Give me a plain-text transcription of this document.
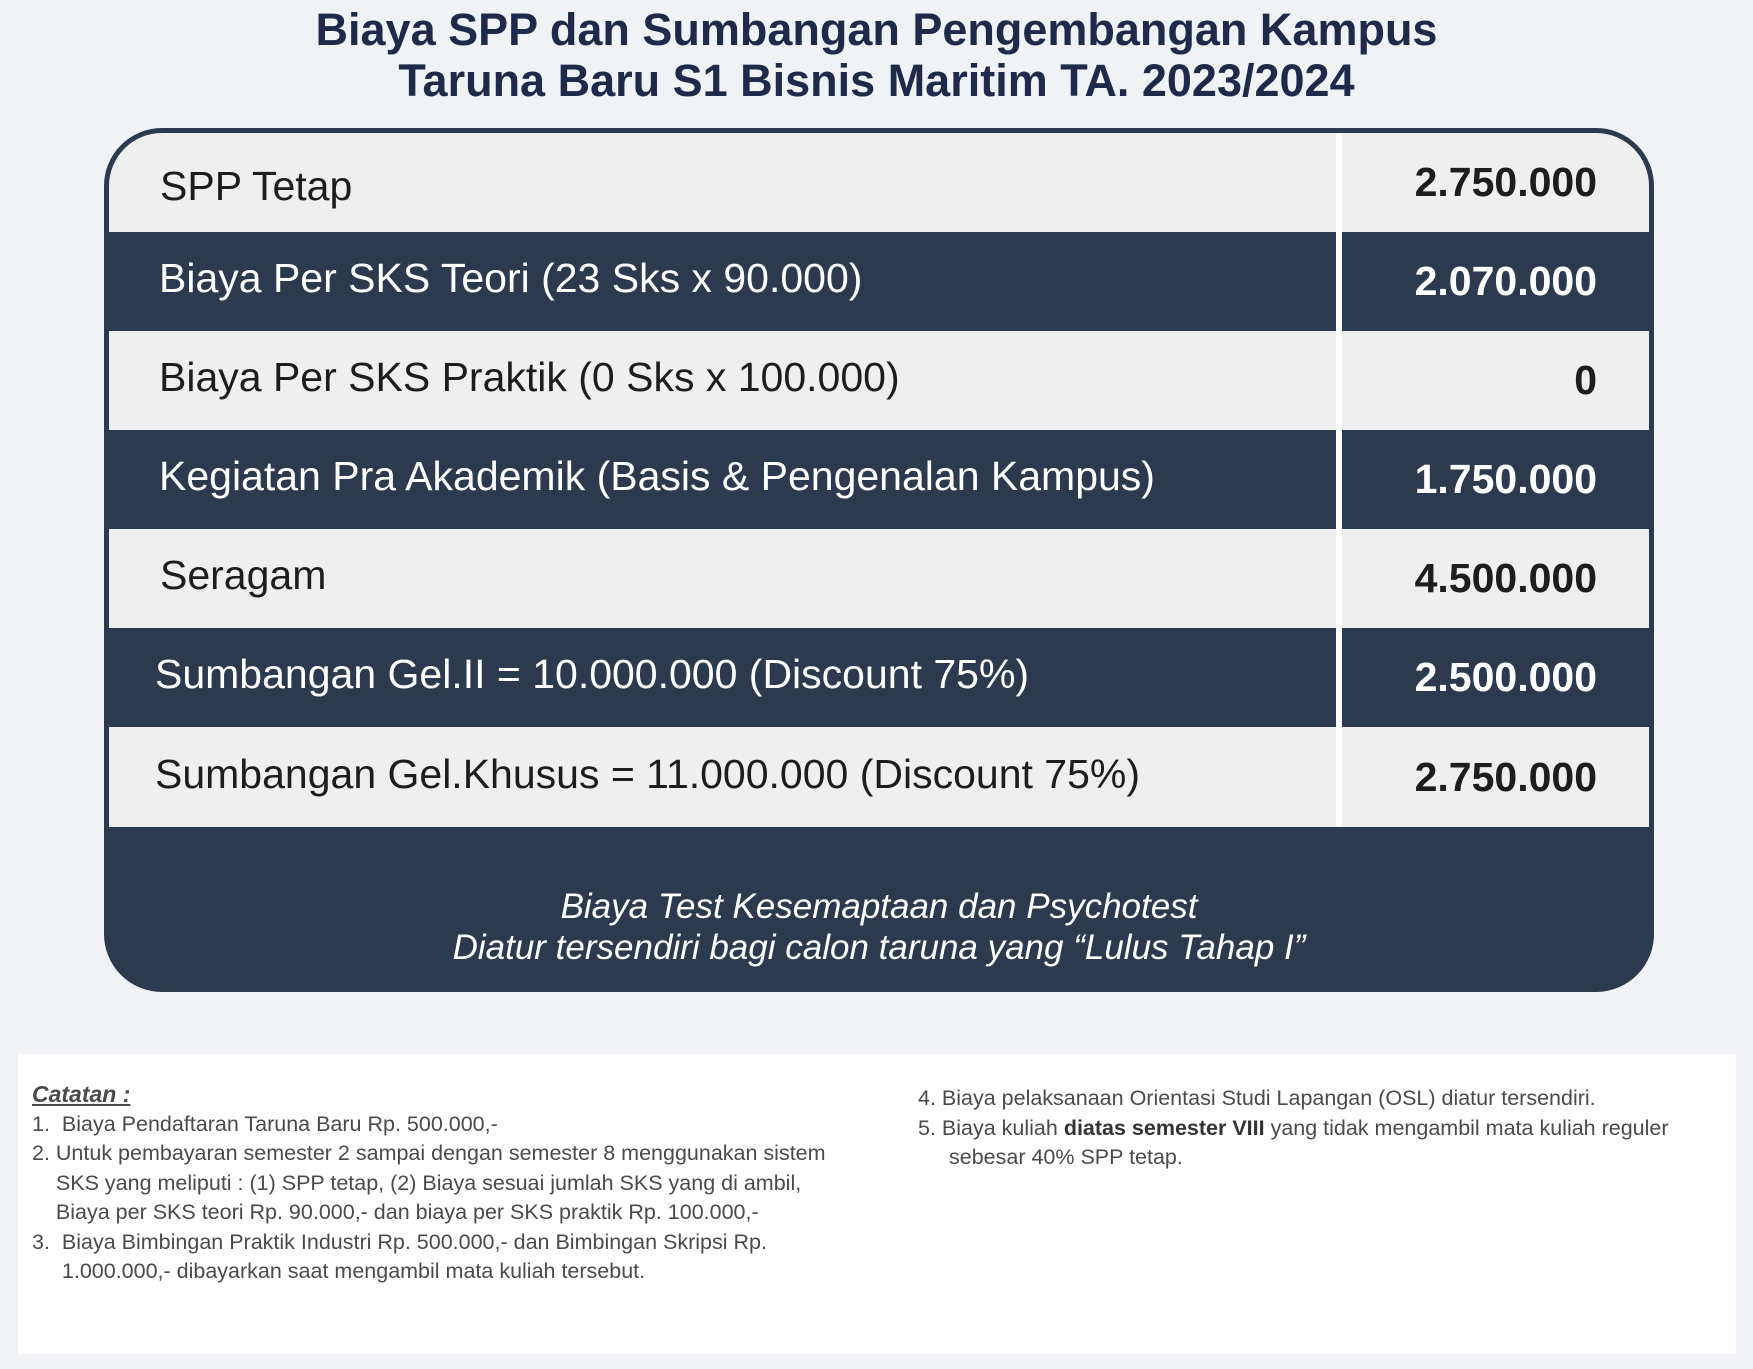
Biaya SPP dan Sumbangan Pengembangan Kampus
Taruna Baru S1 Bisnis Maritim TA. 2023/2024
SPP Tetap	2.750.000
Biaya Per SKS Teori (23 Sks x 90.000)	2.070.000
Biaya Per SKS Praktik (0 Sks x 100.000)	0
Kegiatan Pra Akademik (Basis & Pengenalan Kampus)	1.750.000
Seragam	4.500.000
Sumbangan Gel.II = 10.000.000 (Discount 75%)	2.500.000
Sumbangan Gel.Khusus = 11.000.000 (Discount 75%)	2.750.000
Biaya Test Kesemaptaan dan Psychotest
Diatur tersendiri bagi calon taruna yang “Lulus Tahap I”
Catatan :
1. Biaya Pendaftaran Taruna Baru Rp. 500.000,-
2. Untuk pembayaran semester 2 sampai dengan semester 8 menggunakan sistem
SKS yang meliputi : (1) SPP tetap, (2) Biaya sesuai jumlah SKS yang di ambil,
Biaya per SKS teori Rp. 90.000,- dan biaya per SKS praktik Rp. 100.000,-
3. Biaya Bimbingan Praktik Industri Rp. 500.000,- dan Bimbingan Skripsi Rp.
1.000.000,- dibayarkan saat mengambil mata kuliah tersebut.
4. Biaya pelaksanaan Orientasi Studi Lapangan (OSL) diatur tersendiri.
5. Biaya kuliah diatas semester VIII yang tidak mengambil mata kuliah reguler
sebesar 40% SPP tetap.
